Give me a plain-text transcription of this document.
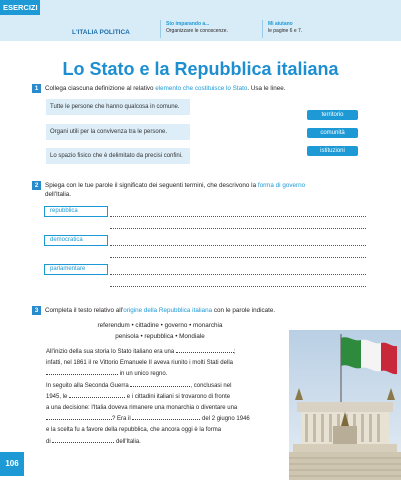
ESERCIZI
L'ITALIA POLITICA
Sto imparando a...
Organizzare le conoscenze.
Mi aiutano
le pagine 6 e 7.
Lo Stato e la Repubblica italiana
1 Collega ciascuna definizione al relativo elemento che costituisce lo Stato. Usa le linee.
Tutte le persone che hanno qualcosa in comune.
Organi utili per la convivenza tra le persone.
Lo spazio fisico che è delimitato da precisi confini.
territorio
comunità
istituzioni
2 Spiega con le tue parole il significato dei seguenti termini, che descrivono la forma di governo
dell'Italia.
repubblica
democratica
parlamentare
3 Completa il testo relativo all'origine della Repubblica italiana con le parole indicate.
referendum • cittadine • governo • monarchia
penisola • repubblica • Mondiale
All'inizio della sua storia lo Stato italiano era una	;
infatti, nel 1861 il re Vittorio Emanuele II aveva riunito i molti Stati della
in un unico regno.
In seguito alla Seconda Guerra	, conclusasi nel
1945, le	e i cittadini italiani si trovarono di fronte
a una decisione: l'Italia doveva rimanere una monarchia o diventare una
? Era il	del 2 giugno 1946
e la scelta fu a favore della repubblica, che ancora oggi è la forma
di	dell'Italia.
106
